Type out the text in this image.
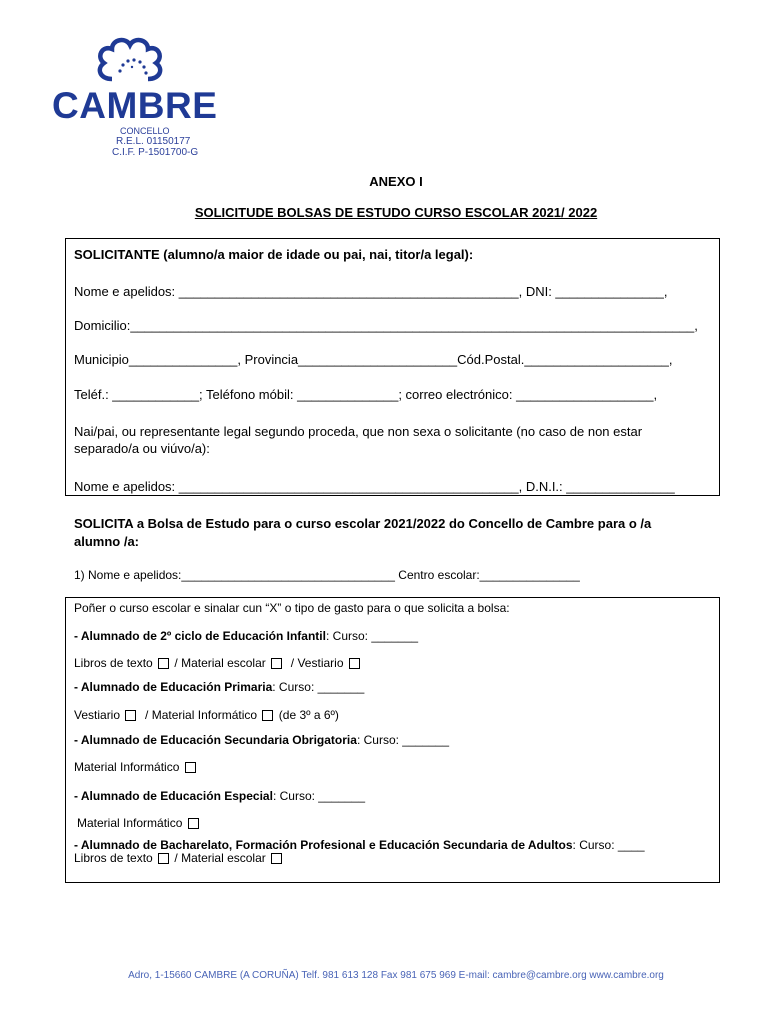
CAMBRE
CONCELLO
R.E.L. 01150177
C.I.F. P-1501700-G
ANEXO I
SOLICITUDE BOLSAS DE ESTUDO CURSO ESCOLAR 2021/ 2022
SOLICITANTE (alumno/a maior de idade ou pai, nai, titor/a legal):
Nome e apelidos: _______________________________________________, DNI: _______________,
Domicilio:______________________________________________________________________________,
Municipio_______________, Provincia______________________Cód.Postal.____________________,
Teléf.: ____________; Teléfono móbil: ______________; correo electrónico: ___________________,
Nai/pai, ou representante legal segundo proceda, que non sexa o solicitante (no caso de non estar
separado/a ou viúvo/a):
Nome e apelidos: _______________________________________________, D.N.I.: _______________
SOLICITA a Bolsa de Estudo para o curso escolar 2021/2022 do Concello de Cambre para o /a
alumno /a:
1) Nome e apelidos:________________________________ Centro escolar:_______________
Poñer o curso escolar e sinalar cun “X” o tipo de gasto para o que solicita a bolsa:
- Alumnado de 2º ciclo de Educación Infantil: Curso: _______
Libros de texto / Material escolar / Vestiario
- Alumnado de Educación Primaria: Curso: _______
Vestiario / Material Informático (de 3º a 6º)
- Alumnado de Educación Secundaria Obrigatoria: Curso: _______
Material Informático
- Alumnado de Educación Especial: Curso: _______
Material Informático
- Alumnado de Bacharelato, Formación Profesional e Educación Secundaria de Adultos: Curso: ____
Libros de texto / Material escolar
Adro, 1-15660 CAMBRE (A CORUÑA) Telf. 981 613 128 Fax 981 675 969 E-mail: cambre@cambre.org www.cambre.org
